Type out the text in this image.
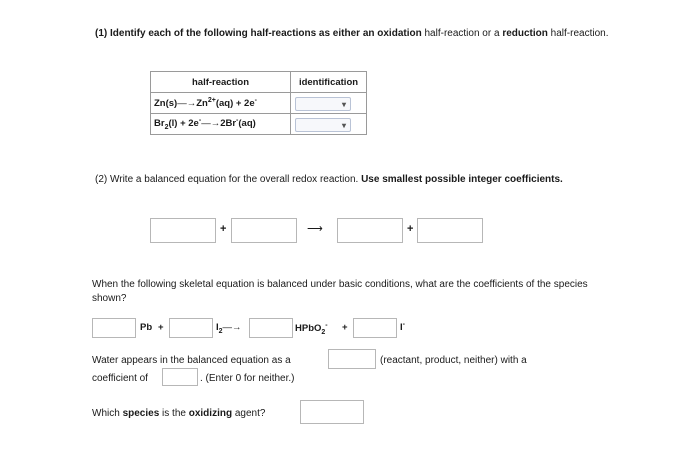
(1) Identify each of the following half-reactions as either an oxidation half-reaction or a reduction half-reaction.
half-reaction	identification
$Zn(s)—\to Zn^{2+}(aq) + 2e^-$	▾

$Br_2(l)$ + 2e-—→2Br-(aq)	▾
(2) Write a balanced equation for the overall redox reaction. Use smallest possible integer coefficients.
+	⟶	+
When the following skeletal equation is balanced under basic conditions, what are the coefficients of the species shown?
Pb +	$I_2—\to$	HPbO$_2$- +	I-
Water appears in the balanced equation as a	(reactant, product, neither) with a
coefficient of	. (Enter 0 for neither.)
Which species is the oxidizing agent?
